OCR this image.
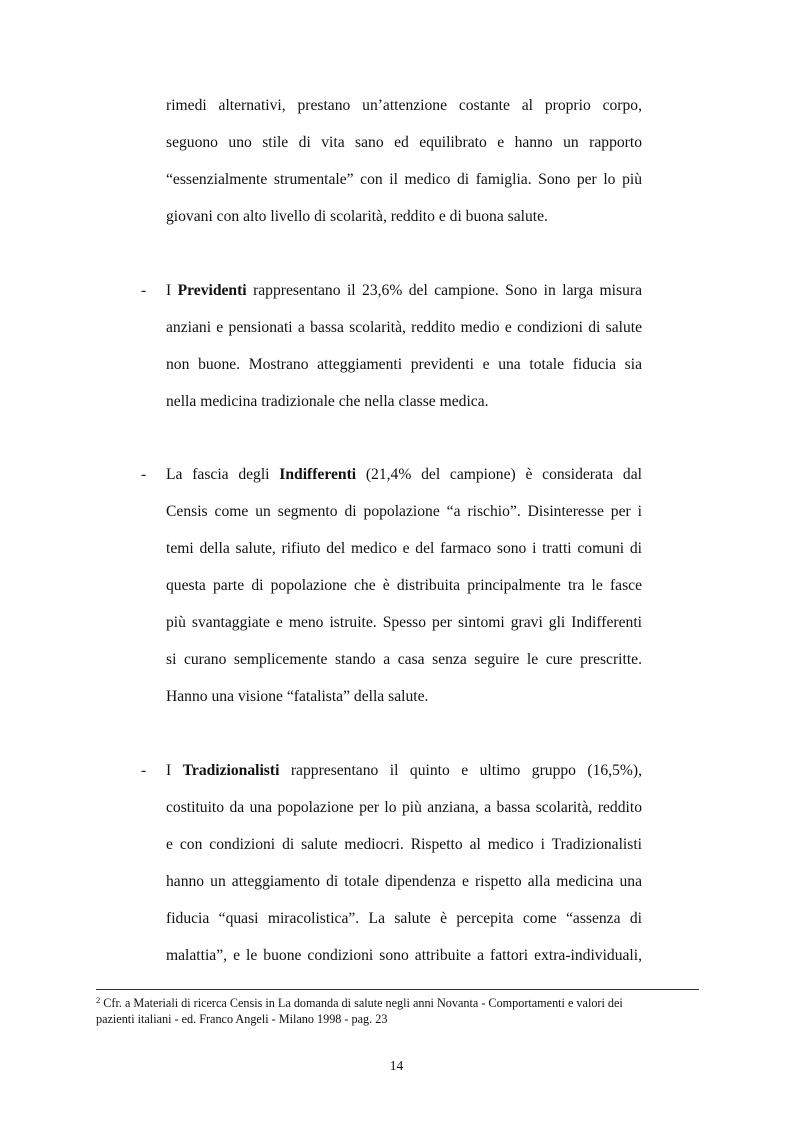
rimedi alternativi, prestano un’attenzione costante al proprio corpo,
seguono uno stile di vita sano ed equilibrato e hanno un rapporto
“essenzialmente strumentale” con il medico di famiglia. Sono per lo più
giovani con alto livello di scolarità, reddito e di buona salute.
- I Previdenti rappresentano il 23,6% del campione. Sono in larga misura
anziani e pensionati a bassa scolarità, reddito medio e condizioni di salute
non buone. Mostrano atteggiamenti previdenti e una totale fiducia sia
nella medicina tradizionale che nella classe medica.
- La fascia degli Indifferenti (21,4% del campione) è considerata dal
Censis come un segmento di popolazione “a rischio”. Disinteresse per i
temi della salute, rifiuto del medico e del farmaco sono i tratti comuni di
questa parte di popolazione che è distribuita principalmente tra le fasce
più svantaggiate e meno istruite. Spesso per sintomi gravi gli Indifferenti
si curano semplicemente stando a casa senza seguire le cure prescritte.
Hanno una visione “fatalista” della salute.
- I Tradizionalisti rappresentano il quinto e ultimo gruppo (16,5%),
costituito da una popolazione per lo più anziana, a bassa scolarità, reddito
e con condizioni di salute mediocri. Rispetto al medico i Tradizionalisti
hanno un atteggiamento di totale dipendenza e rispetto alla medicina una
fiducia “quasi miracolistica”. La salute è percepita come “assenza di
malattia”, e le buone condizioni sono attribuite a fattori extra-individuali,
$^2$ Cfr. a Materiali di ricerca Censis in La domanda di salute negli anni Novanta - Comportamenti e valori dei
pazienti italiani - ed. Franco Angeli - Milano 1998 - pag. 23
14
